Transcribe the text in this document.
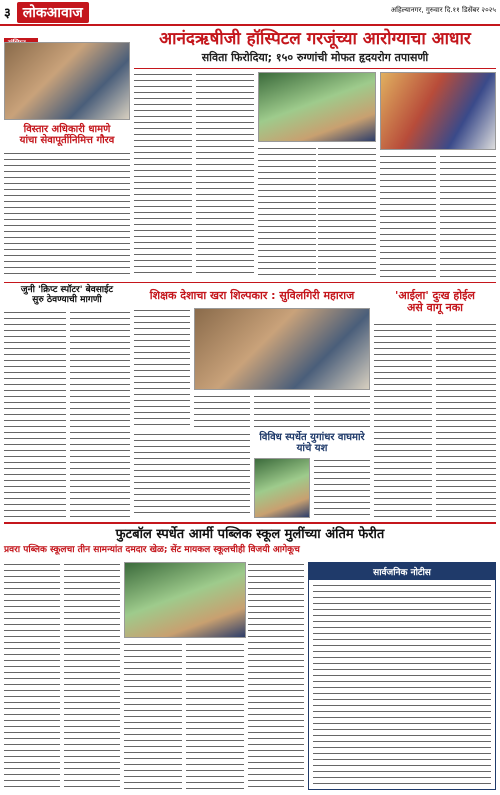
३ लोकआवाज	अहिल्यानगर, गुरुवार दि.११ डिसेंबर २०२५
आनंदऋषीजी हॉस्पिटल गरजूंच्या आरोग्याचा आधार
सविता फिरोदिया; १५० रुग्णांची मोफत हृदयरोग तपासणी
विस्तार अधिकारी धामणे
यांचा सेवापूर्तीनिमित्त गौरव
जुनी 'क्रिप्ट स्पॉटर' बेवसाईट
सुरु ठेवण्याची मागणी	शिक्षक देशाचा खरा शिल्पकार : सुविलगिरी महाराज	'आईला' दुःख होईल
असे वागू नका
विविध स्पर्धेत युगांधर वाघमारे यांचे यश
फुटबॉल स्पर्धेत आर्मी पब्लिक स्कूल मुलींच्या अंतिम फेरीत
प्रवरा पब्लिक स्कूलचा तीन सामन्यांत दमदार खेळ; सेंट मायकल स्कूलचीही विजयी आगेकूच
सार्वजनिक नोटीस
